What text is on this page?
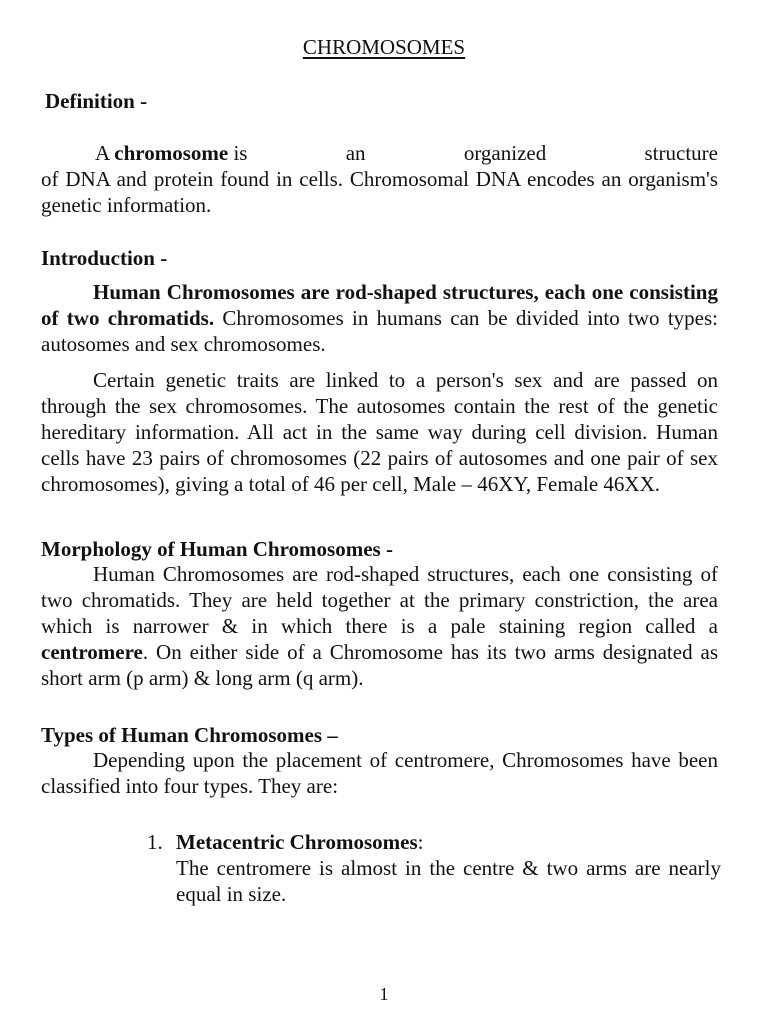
CHROMOSOMES
Definition -
A chromosome is	an	organized	structure

of DNA and protein found in cells. Chromosomal DNA encodes an organism's genetic information.

Introduction -

Human Chromosomes are rod-shaped structures, each one consisting of two chromatids. Chromosomes in humans can be divided into two types: autosomes and sex chromosomes.

Certain genetic traits are linked to a person's sex and are passed on through the sex chromosomes. The autosomes contain the rest of the genetic hereditary information. All act in the same way during cell division. Human cells have 23 pairs of chromosomes (22 pairs of autosomes and one pair of sex chromosomes), giving a total of 46 per cell, Male – 46XY, Female 46XX.

Morphology of Human Chromosomes -

Human Chromosomes are rod-shaped structures, each one consisting of two chromatids. They are held together at the primary constriction, the area which is narrower & in which there is a pale staining region called a centromere. On either side of a Chromosome has its two arms designated as short arm (p arm) & long arm (q arm).

Types of Human Chromosomes –

Depending upon the placement of centromere, Chromosomes have been classified into four types. They are:

1. Metacentric Chromosomes:
The centromere is almost in the centre & two arms are nearly equal in size.
1
